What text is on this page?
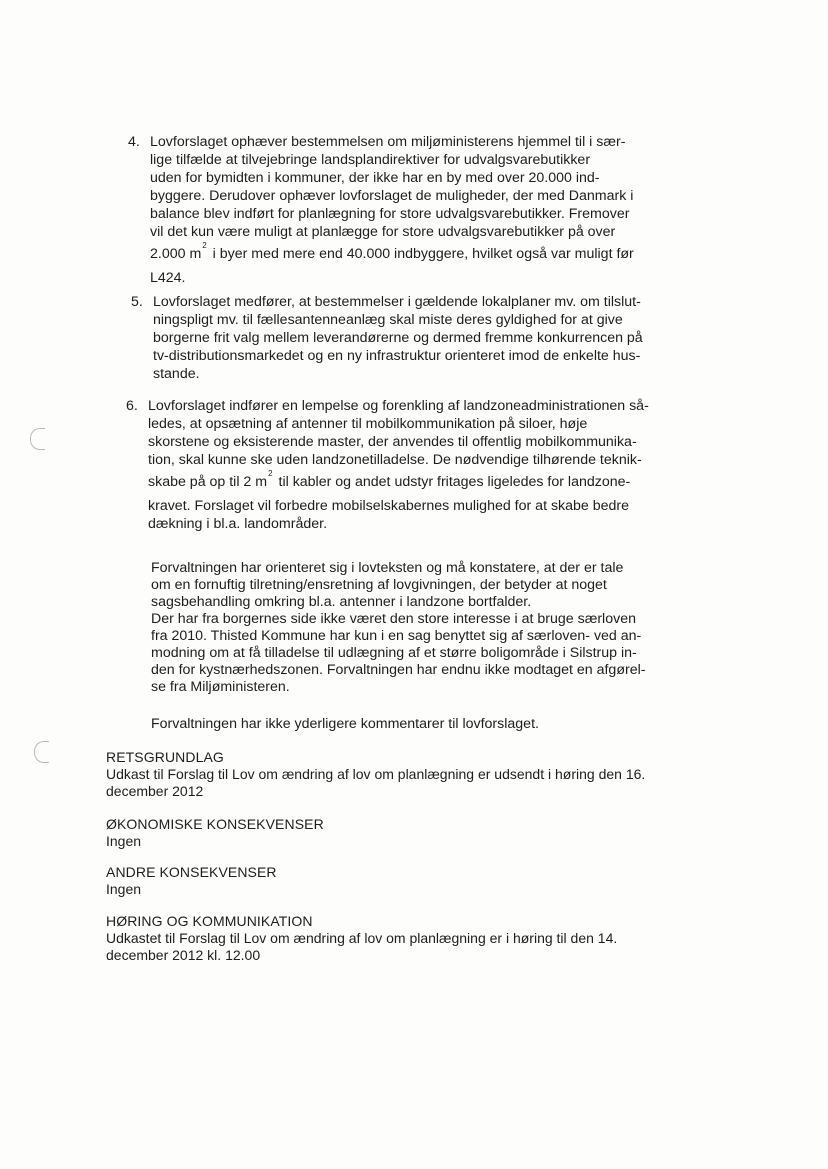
4. Lovforslaget ophæver bestemmelsen om miljøministerens hjemmel til i sær-
lige tilfælde at tilvejebringe landsplandirektiver for udvalgsvarebutikker
uden for bymidten i kommuner, der ikke har en by med over 20.000 ind-
byggere. Derudover ophæver lovforslaget de muligheder, der med Danmark i
balance blev indført for planlægning for store udvalgsvarebutikker. Fremover
vil det kun være muligt at planlægge for store udvalgsvarebutikker på over
2.000 $m^2$ i byer med mere end 40.000 indbyggere, hvilket også var muligt før
L424.
5. Lovforslaget medfører, at bestemmelser i gældende lokalplaner mv. om tilslut-
ningspligt mv. til fællesantenneanlæg skal miste deres gyldighed for at give
borgerne frit valg mellem leverandørerne og dermed fremme konkurrencen på
tv-distributionsmarkedet og en ny infrastruktur orienteret imod de enkelte hus-
stande.
6. Lovforslaget indfører en lempelse og forenkling af landzoneadministrationen så-
ledes, at opsætning af antenner til mobilkommunikation på siloer, høje
skorstene og eksisterende master, der anvendes til offentlig mobilkommunika-
tion, skal kunne ske uden landzonetilladelse. De nødvendige tilhørende teknik-
skabe på op til 2 $m^2$ til kabler og andet udstyr fritages ligeledes for landzone-
kravet. Forslaget vil forbedre mobilselskabernes mulighed for at skabe bedre
dækning i bl.a. landområder.
Forvaltningen har orienteret sig i lovteksten og må konstatere, at der er tale
om en fornuftig tilretning/ensretning af lovgivningen, der betyder at noget
sagsbehandling omkring bl.a. antenner i landzone bortfalder.
Der har fra borgernes side ikke været den store interesse i at bruge særloven
fra 2010. Thisted Kommune har kun i en sag benyttet sig af særloven- ved an-
modning om at få tilladelse til udlægning af et større boligområde i Silstrup in-
den for kystnærhedszonen. Forvaltningen har endnu ikke modtaget en afgørel-
se fra Miljøministeren.
Forvaltningen har ikke yderligere kommentarer til lovforslaget.
RETSGRUNDLAG
Udkast til Forslag til Lov om ændring af lov om planlægning er udsendt i høring den 16.
december 2012
ØKONOMISKE KONSEKVENSER
Ingen
ANDRE KONSEKVENSER
Ingen
HØRING OG KOMMUNIKATION
Udkastet til Forslag til Lov om ændring af lov om planlægning er i høring til den 14.
december 2012 kl. 12.00
